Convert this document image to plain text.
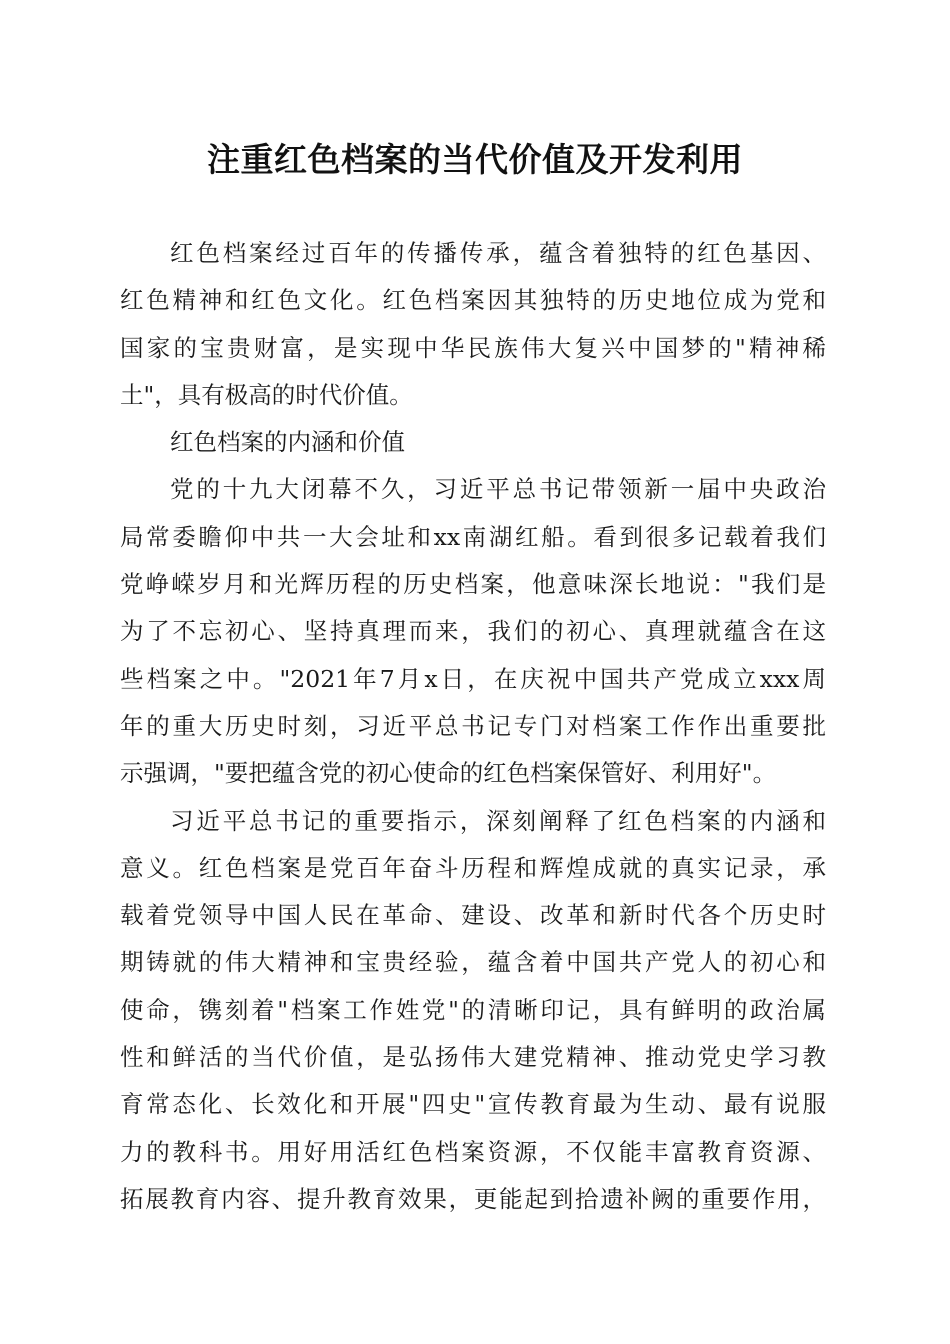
注重红色档案的当代价值及开发利用
红色档案经过百年的传播传承，蕴含着独特的红色基因、
红色精神和红色文化。红色档案因其独特的历史地位成为党和
国家的宝贵财富，是实现中华民族伟大复兴中国梦的"精神稀
土"，具有极高的时代价值。
红色档案的内涵和价值
党的十九大闭幕不久，习近平总书记带领新一届中央政治
局常委瞻仰中共一大会址和xx南湖红船。看到很多记载着我们
党峥嵘岁月和光辉历程的历史档案，他意味深长地说："我们是
为了不忘初心、坚持真理而来，我们的初心、真理就蕴含在这
些档案之中。"2021年7月x日，在庆祝中国共产党成立xxx周
年的重大历史时刻，习近平总书记专门对档案工作作出重要批
示强调，"要把蕴含党的初心使命的红色档案保管好、利用好"。
习近平总书记的重要指示，深刻阐释了红色档案的内涵和
意义。红色档案是党百年奋斗历程和辉煌成就的真实记录，承
载着党领导中国人民在革命、建设、改革和新时代各个历史时
期铸就的伟大精神和宝贵经验，蕴含着中国共产党人的初心和
使命，镌刻着"档案工作姓党"的清晰印记，具有鲜明的政治属
性和鲜活的当代价值，是弘扬伟大建党精神、推动党史学习教
育常态化、长效化和开展"四史"宣传教育最为生动、最有说服
力的教科书。用好用活红色档案资源，不仅能丰富教育资源、
拓展教育内容、提升教育效果，更能起到拾遗补阙的重要作用，
